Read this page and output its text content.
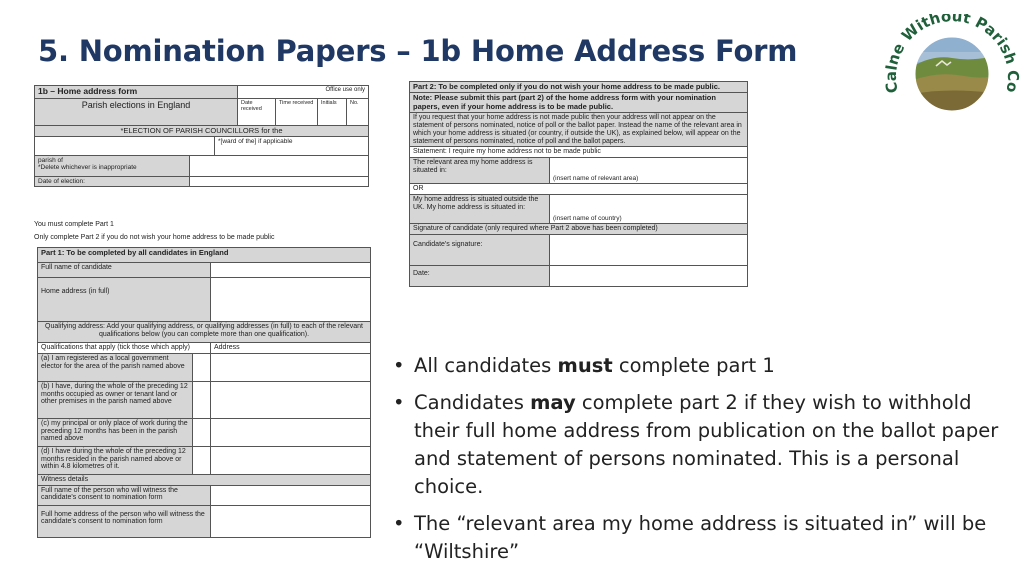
5. Nomination Papers – 1b Home Address Form
C lne Without Parish o
1b – Home address form	Office use only			
Parish elections in England	Date received	Time received	Initials	No.
*ELECTION OF PARISH COUNCILLORS for the
	*[ward of the] if applicable
parish of
*Delete whichever is inappropriate	

Date of election:	
You must complete Part 1
Only complete Part 2 if you do not wish your home address to be made public
Part 1: To be completed by all candidates in England		
Full name of candidate		
Home address (in full)		
Qualifying address: Add your qualifying address, or qualifying addresses (in full) to each of the relevant qualifications below (you can complete more than one qualification).		
Qualifications that apply (tick those which apply)		Address
(a) I am registered as a local government elector for the area of the parish named above		
(b) I have, during the whole of the preceding 12 months occupied as owner or tenant land or other premises in the parish named above		
(c) my principal or only place of work during the preceding 12 months has been in the parish named above		
(d) I have during the whole of the preceding 12 months resided in the parish named above or within 4.8 kilometres of it.		
Witness details		
Full name of the person who will witness the candidate's consent to nomination form		
Full home address of the person who will witness the candidate's consent to nomination form		
Part 2: To be completed only if you do not wish your home address to be made public.	
Note: Please submit this part (part 2) of the home address form with your nomination papers, even if your home address is to be made public.	
If you request that your home address is not made public then your address will not appear on the statement of persons nominated, notice of poll or the ballot paper. Instead the name of the relevant area in which your home address is situated (or country, if outside the UK), as explained below, will appear on the statement of persons nominated, notice of poll and the ballot papers.	
Statement: I require my home address not to be made public	
The relevant area my home address is situated in:	(insert name of relevant area)
OR	
My home address is situated outside the UK. My home address is situated in:	(insert name of country)
Signature of candidate (only required where Part 2 above has been completed)	
Candidate's signature:	
Date:	
• All candidates must complete part 1
• Candidates may complete part 2 if they wish to withhold their full home address from publication on the ballot paper and statement of persons nominated. This is a personal choice.
• The “relevant area my home address is situated in” will be “Wiltshire”
